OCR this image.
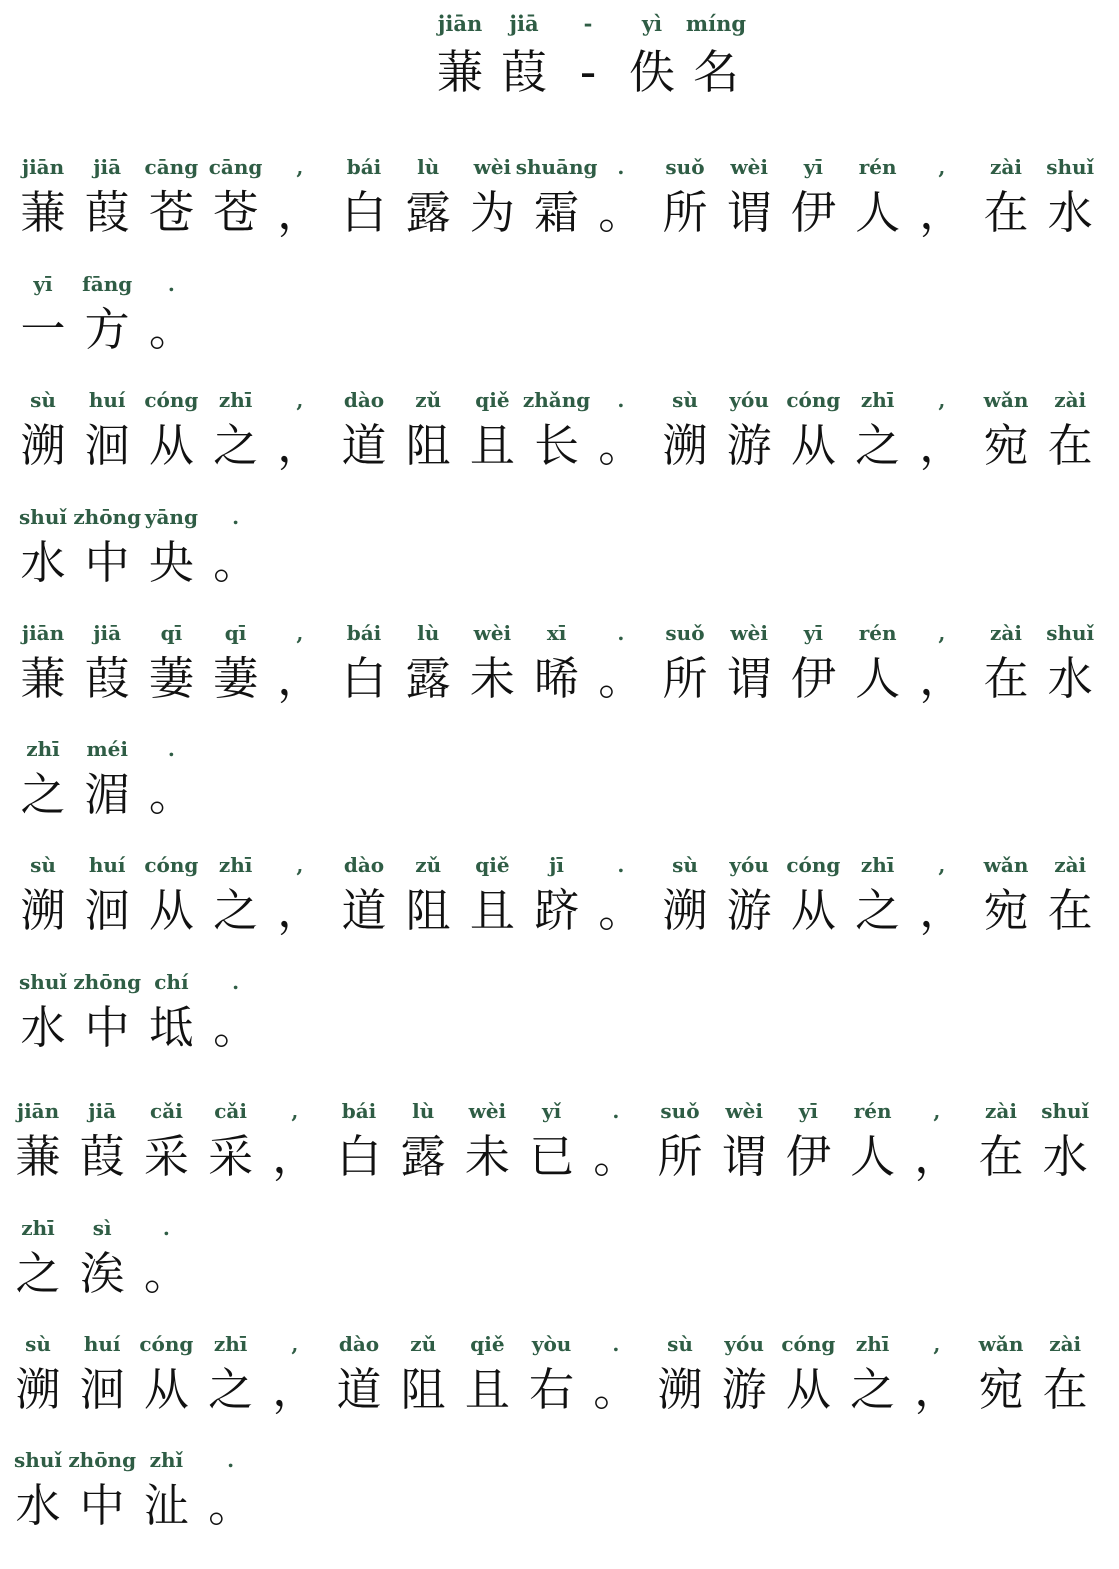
jiān
蒹
jiā
葭
-
-
yì
佚
míng
名
jiān
蒹
jiā
葭
cāng
苍
cāng
苍
,
，
bái
白
lù
露
wèi
为
shuāng
霜
.
。
suǒ
所
wèi
谓
yī
伊
rén
人
,
，
zài
在
shuǐ
水
yī
一
fāng
方
.
。
sù
溯
huí
洄
cóng
从
zhī
之
,
，
dào
道
zǔ
阻
qiě
且
zhǎng
长
.
。
sù
溯
yóu
游
cóng
从
zhī
之
,
，
wǎn
宛
zài
在
shuǐ
水
zhōng
中
yāng
央
.
。
jiān
蒹
jiā
葭
qī
萋
qī
萋
,
，
bái
白
lù
露
wèi
未
xī
晞
.
。
suǒ
所
wèi
谓
yī
伊
rén
人
,
，
zài
在
shuǐ
水
zhī
之
méi
湄
.
。
sù
溯
huí
洄
cóng
从
zhī
之
,
，
dào
道
zǔ
阻
qiě
且
jī
跻
.
。
sù
溯
yóu
游
cóng
从
zhī
之
,
，
wǎn
宛
zài
在
shuǐ
水
zhōng
中
chí
坻
.
。
jiān
蒹
jiā
葭
cǎi
采
cǎi
采
,
，
bái
白
lù
露
wèi
未
yǐ
已
.
。
suǒ
所
wèi
谓
yī
伊
rén
人
,
，
zài
在
shuǐ
水
zhī
之
sì
涘
.
。
sù
溯
huí
洄
cóng
从
zhī
之
,
，
dào
道
zǔ
阻
qiě
且
yòu
右
.
。
sù
溯
yóu
游
cóng
从
zhī
之
,
，
wǎn
宛
zài
在
shuǐ
水
zhōng
中
zhǐ
沚
.
。
